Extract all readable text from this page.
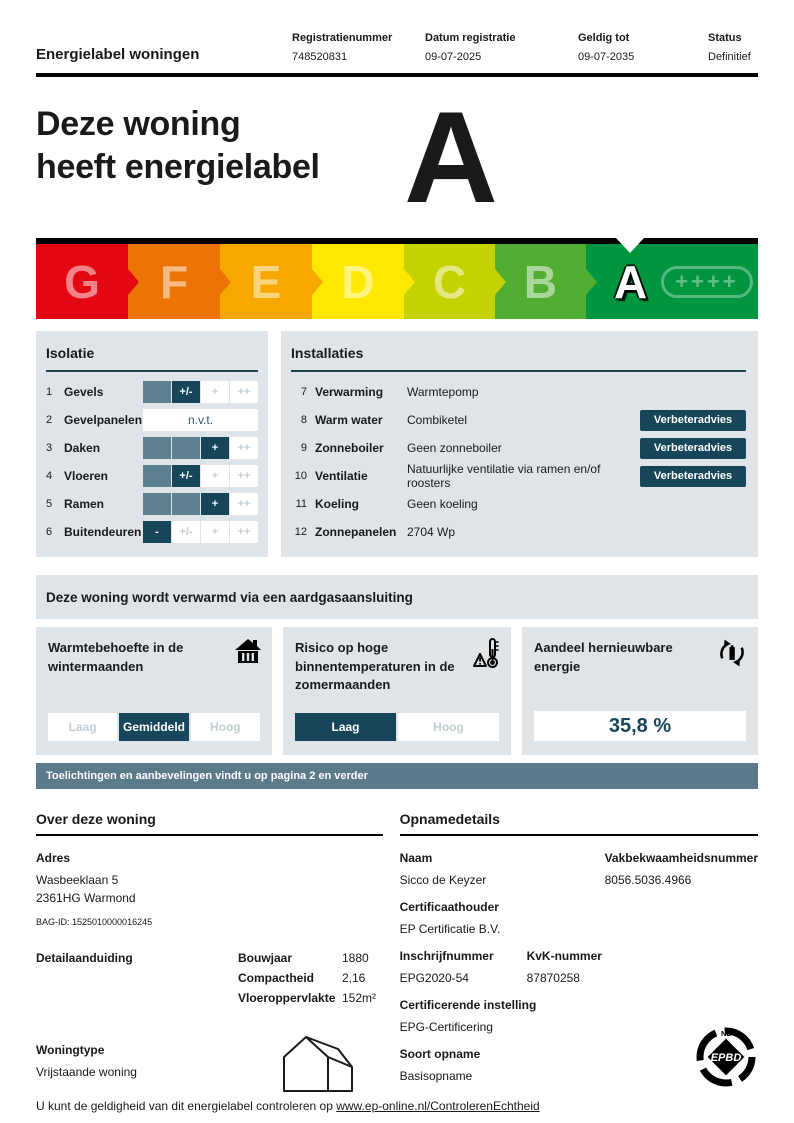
Energielabel woningen
Registratienummer
748520831
Datum registratie
09-07-2025
Geldig tot
09-07-2035
Status
Definitief
Deze woning
heeft energielabel A
G F E D C B A	++++
Isolatie
1 Gevels	+/-	+	++
2 Gevelpanelen	n.v.t.
3 Daken	+	++
4 Vloeren	+/-	+	++
5 Ramen	+	++
6 Buitendeuren	-	+/-	+	++
Installaties
7 Verwarming	Warmtepomp
8 Warm water	Combiketel	Verbeteradvies
9 Zonneboiler	Geen zonneboiler	Verbeteradvies
10 Ventilatie	Natuurlijke ventilatie via ramen en/of roosters	Verbeteradvies
11 Koeling	Geen koeling
12 Zonnepanelen 2704 Wp
Deze woning wordt verwarmd via een aardgasaansluiting
Warmtebehoefte in de wintermaanden
Laag	Gemiddeld	Hoog
Risico op hoge binnentemperaturen in de zomermaanden
Laag	Hoog
Aandeel hernieuwbare energie
35,8 %
Toelichtingen en aanbevelingen vindt u op pagina 2 en verder
Over deze woning
Adres
Wasbeeklaan 5
2361HG Warmond
BAG-ID: 1525010000016245
Detailaanduiding	Bouwjaar	1880
Compactheid	2,16
Vloeroppervlakte 152m²
Woningtype
Vrijstaande woning
Opnamedetails
Naam
Sicco de Keyzer
Vakbekwaamheidsnummer
8056.5036.4966
Certificaathouder
EP Certificatie B.V.
Inschrijfnummer
EPG2020-54
KvK-nummer
87870258
Certificerende instelling
EPG-Certificering
Soort opname
Basisopname
EPBD
NL
U kunt de geldigheid van dit energielabel controleren op www.ep-online.nl/ControlerenEchtheid
